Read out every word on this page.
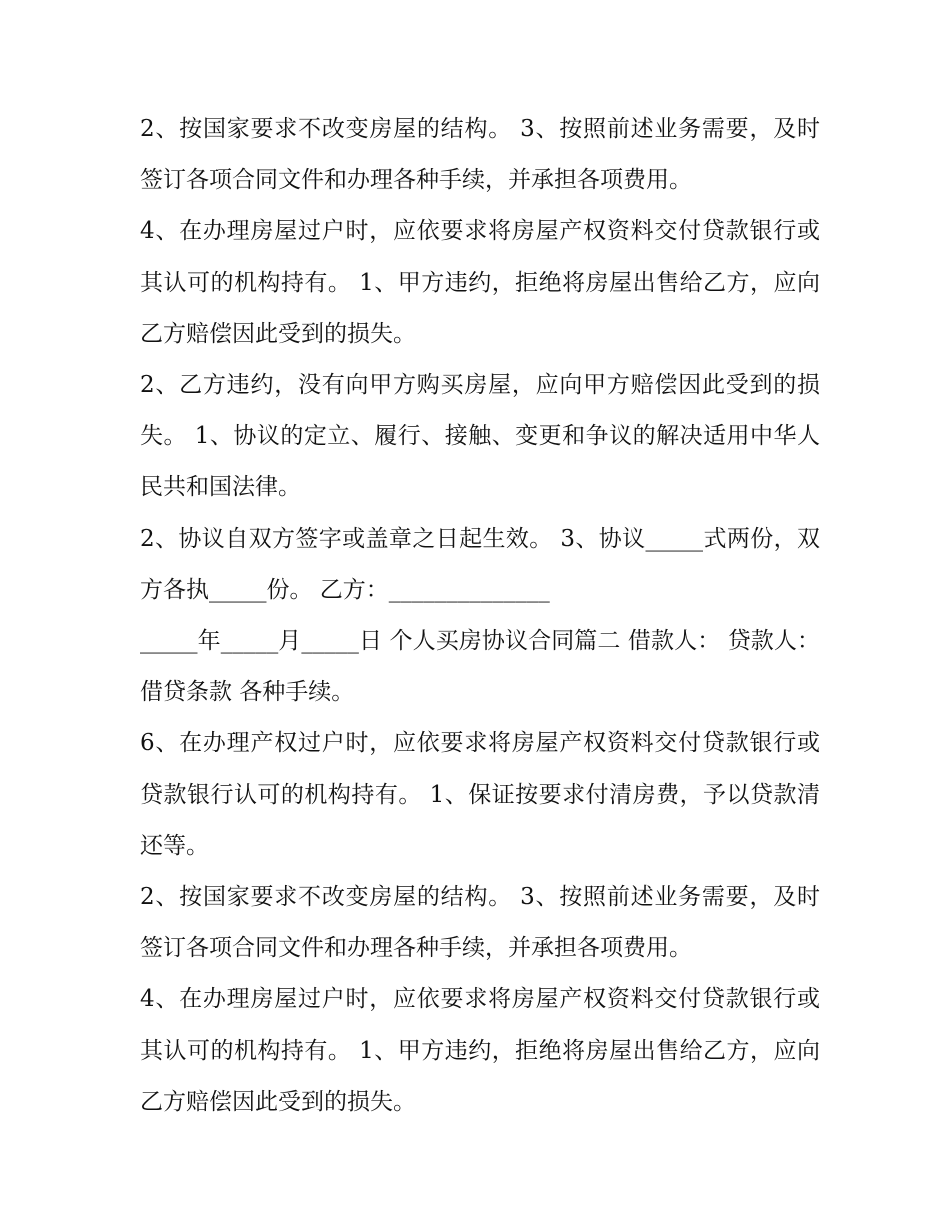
2、按国家要求不改变房屋的结构。 3、按照前述业务需要，及时签订各项合同文件和办理各种手续，并承担各项费用。

4、在办理房屋过户时，应依要求将房屋产权资料交付贷款银行或其认可的机构持有。 1、甲方违约，拒绝将房屋出售给乙方，应向乙方赔偿因此受到的损失。

2、乙方违约，没有向甲方购买房屋，应向甲方赔偿因此受到的损失。 1、协议的定立、履行、接触、变更和争议的解决适用中华人民共和国法律。

2、协议自双方签字或盖章之日起生效。 3、协议_____式两份，双方各执_____份。 乙方：______________

_____年_____月_____日 个人买房协议合同篇二 借款人： 贷款人： 借贷条款 各种手续。

6、在办理产权过户时，应依要求将房屋产权资料交付贷款银行或贷款银行认可的机构持有。 1、保证按要求付清房费，予以贷款清还等。

2、按国家要求不改变房屋的结构。 3、按照前述业务需要，及时签订各项合同文件和办理各种手续，并承担各项费用。

4、在办理房屋过户时，应依要求将房屋产权资料交付贷款银行或其认可的机构持有。 1、甲方违约，拒绝将房屋出售给乙方，应向乙方赔偿因此受到的损失。
